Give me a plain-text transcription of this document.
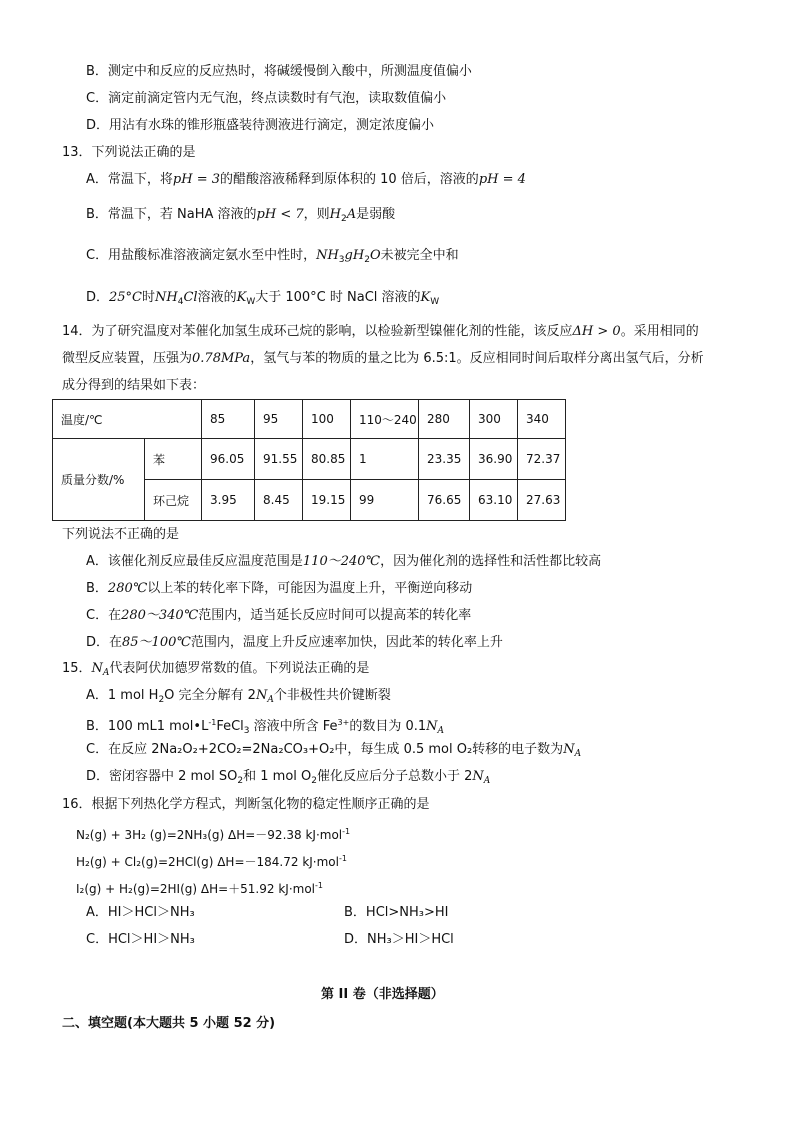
B．测定中和反应的反应热时，将碱缓慢倒入酸中，所测温度值偏小
C．滴定前滴定管内无气泡，终点读数时有气泡，读取数值偏小
D．用沾有水珠的锥形瓶盛装待测液进行滴定，测定浓度偏小
13．下列说法正确的是
A．常温下，将pH = 3的醋酸溶液稀释到原体积的 10 倍后，溶液的pH = 4
B．常温下，若 NaHA 溶液的pH < 7，则$H_2A$是弱酸
C．用盐酸标准溶液滴定氨水至中性时，$NH_3gH_2O$未被完全中和
D．25°C时$NH_4Cl$溶液的$K_W$大于 100°C 时 NaCl 溶液的$K_W$
14．为了研究温度对苯催化加氢生成环己烷的影响，以检验新型镍催化剂的性能，该反应ΔH > 0。采用相同的
微型反应装置，压强为0.78MPa，氢气与苯的物质的量之比为 6.5:1。反应相同时间后取样分离出氢气后，分析
成分得到的结果如下表：
温度/℃		85	95	100	110～240	280	300	340
质量分数/%	苯	96.05	91.55	80.85	1	23.35	36.90	72.37
	环己烷	3.95	8.45	19.15	99	76.65	63.10	27.63
下列说法不正确的是
A．该催化剂反应最佳反应温度范围是110～240℃，因为催化剂的选择性和活性都比较高
B．280℃以上苯的转化率下降，可能因为温度上升，平衡逆向移动
C．在280～340℃范围内，适当延长反应时间可以提高苯的转化率
D．在85～100℃范围内，温度上升反应速率加快，因此苯的转化率上升
15．$N_A$代表阿伏加德罗常数的值。下列说法正确的是
A．1 mol $H_2O$ 完全分解有 $2N_A$个非极性共价键断裂
B．100 mL1 $mol•L^{-1}FeCl_3$ 溶液中所含 $Fe^{3+}$的数目为 $0.1N_A$
C．在反应 2Na₂O₂+2CO₂=2Na₂CO₃+O₂中，每生成 0.5 mol O₂转移的电子数为$N_A$
D．密闭容器中 2 mol $SO_2$和 1 mol $O_2$催化反应后分子总数小于 $2N_A$
16．根据下列热化学方程式，判断氢化物的稳定性顺序正确的是
N₂(g) + 3H₂ (g)=2NH₃(g) ΔH=－92.38 kJ·mol$^{-1}$
H₂(g) + Cl₂(g)=2HCl(g) ΔH=－184.72 kJ·mol$^{-1}$
I₂(g) + H₂(g)=2HI(g) ΔH=＋51.92 kJ·mol$^{-1}$
A．HI＞HCl＞NH₃	B．HCl>NH₃>HI
C．HCl＞HI＞NH₃	D．NH₃＞HI＞HCl
第 II 卷（非选择题）
二、填空题(本大题共 5 小题 52 分)
